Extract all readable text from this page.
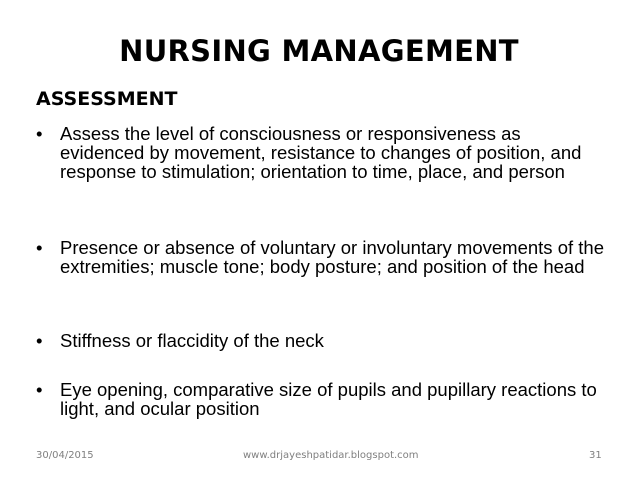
NURSING MANAGEMENT
ASSESSMENT
• Assess the level of consciousness or responsiveness as evidenced by movement, resistance to changes of position, and response to stimulation; orientation to time, place, and person
• Presence or absence of voluntary or involuntary movements of the extremities; muscle tone; body posture; and position of the head
• Stiffness or flaccidity of the neck
• Eye opening, comparative size of pupils and pupillary reactions to light, and ocular position
30/04/2015	www.drjayeshpatidar.blogspot.com	31
